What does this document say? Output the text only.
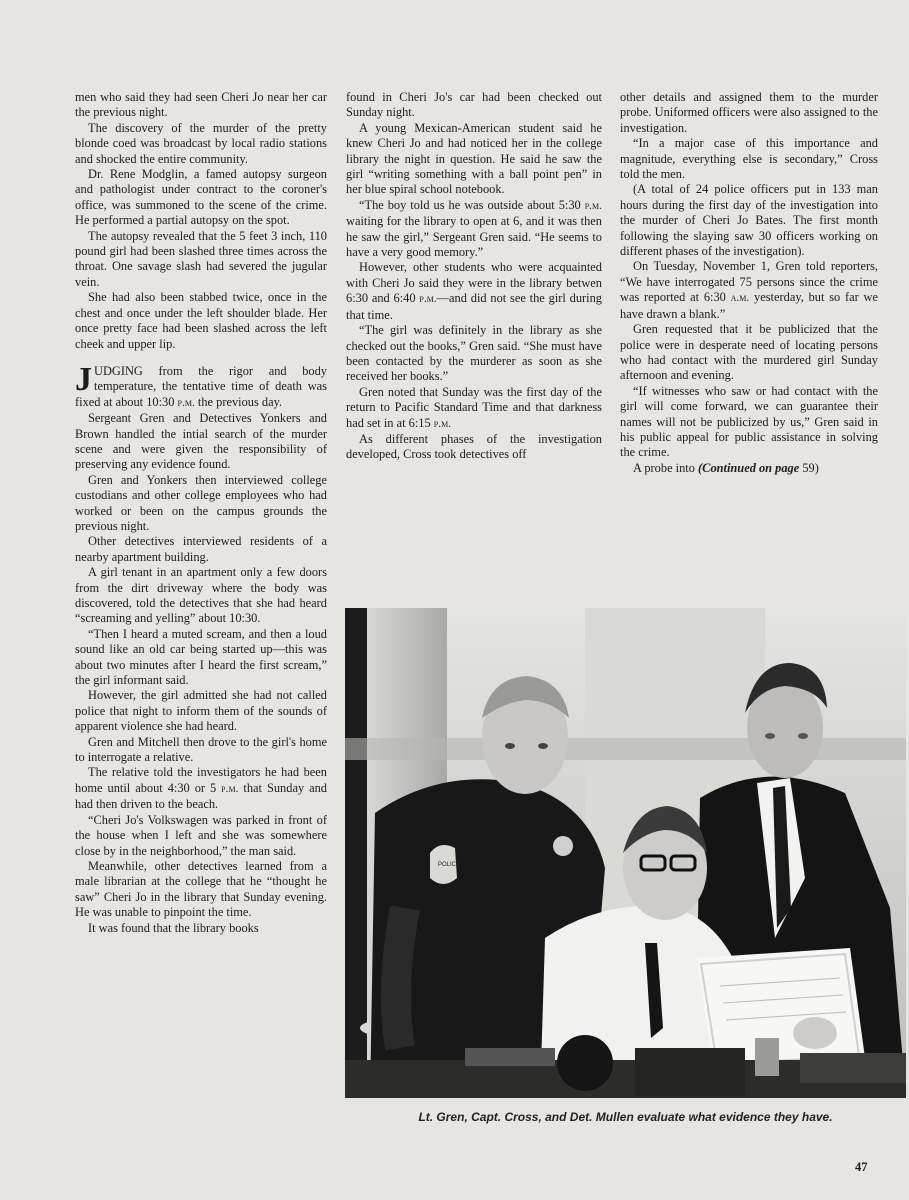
men who said they had seen Cheri Jo near her car the previous night.

The discovery of the murder of the pretty blonde coed was broadcast by local radio stations and shocked the entire community.

Dr. Rene Modglin, a famed autopsy surgeon and pathologist under contract to the coroner's office, was summoned to the scene of the crime. He performed a partial autopsy on the spot.

The autopsy revealed that the 5 feet 3 inch, 110 pound girl had been slashed three times across the throat. One savage slash had severed the jugular vein.

She had also been stabbed twice, once in the chest and once under the left shoulder blade. Her once pretty face had been slashed across the left cheek and upper lip.

JUDGING from the rigor and body temperature, the tentative time of death was fixed at about 10:30 p.m. the previous day.

Sergeant Gren and Detectives Yonkers and Brown handled the intial search of the murder scene and were given the responsibility of preserving any evidence found.

Gren and Yonkers then interviewed college custodians and other college employees who had worked or been on the campus grounds the previous night.

Other detectives interviewed residents of a nearby apartment building.

A girl tenant in an apartment only a few doors from the dirt driveway where the body was discovered, told the detectives that she had heard “screaming and yelling” about 10:30.

“Then I heard a muted scream, and then a loud sound like an old car being started up—this was about two minutes after I heard the first scream,” the girl informant said.

However, the girl admitted she had not called police that night to inform them of the sounds of apparent violence she had heard.

Gren and Mitchell then drove to the girl's home to interrogate a relative.

The relative told the investigators he had been home until about 4:30 or 5 p.m. that Sunday and had then driven to the beach.

“Cheri Jo's Volkswagen was parked in front of the house when I left and she was somewhere close by in the neighborhood,” the man said.

Meanwhile, other detectives learned from a male librarian at the college that he “thought he saw” Cheri Jo in the library that Sunday evening. He was unable to pinpoint the time.

It was found that the library books

found in Cheri Jo's car had been checked out Sunday night.

A young Mexican-American student said he knew Cheri Jo and had noticed her in the college library the night in question. He said he saw the girl “writing something with a ball point pen” in her blue spiral school notebook.

“The boy told us he was outside about 5:30 p.m. waiting for the library to open at 6, and it was then he saw the girl,” Sergeant Gren said. “He seems to have a very good memory.”

However, other students who were acquainted with Cheri Jo said they were in the library betwen 6:30 and 6:40 p.m.—and did not see the girl during that time.

“The girl was definitely in the library as she checked out the books,” Gren said. “She must have been contacted by the murderer as soon as she received her books.”

Gren noted that Sunday was the first day of the return to Pacific Standard Time and that darkness had set in at 6:15 p.m.

As different phases of the investigation developed, Cross took detectives off

other details and assigned them to the murder probe. Uniformed officers were also assigned to the investigation.

“In a major case of this importance and magnitude, everything else is secondary,” Cross told the men.

(A total of 24 police officers put in 133 man hours during the first day of the investigation into the murder of Cheri Jo Bates. The first month following the slaying saw 30 officers working on different phases of the investigation).

On Tuesday, November 1, Gren told reporters, “We have interrogated 75 persons since the crime was reported at 6:30 a.m. yesterday, but so far we have drawn a blank.”

Gren requested that it be publicized that the police were in desperate need of locating persons who had contact with the murdered girl Sunday afternoon and evening.

“If witnesses who saw or had contact with the girl will come forward, we can guarantee their names will not be publicized by us,” Gren said in his public appeal for public assistance in solving the crime.

A probe into (Continued on page 59)

POLICE
Lt. Gren, Capt. Cross, and Det. Mullen evaluate what evidence they have.
47
